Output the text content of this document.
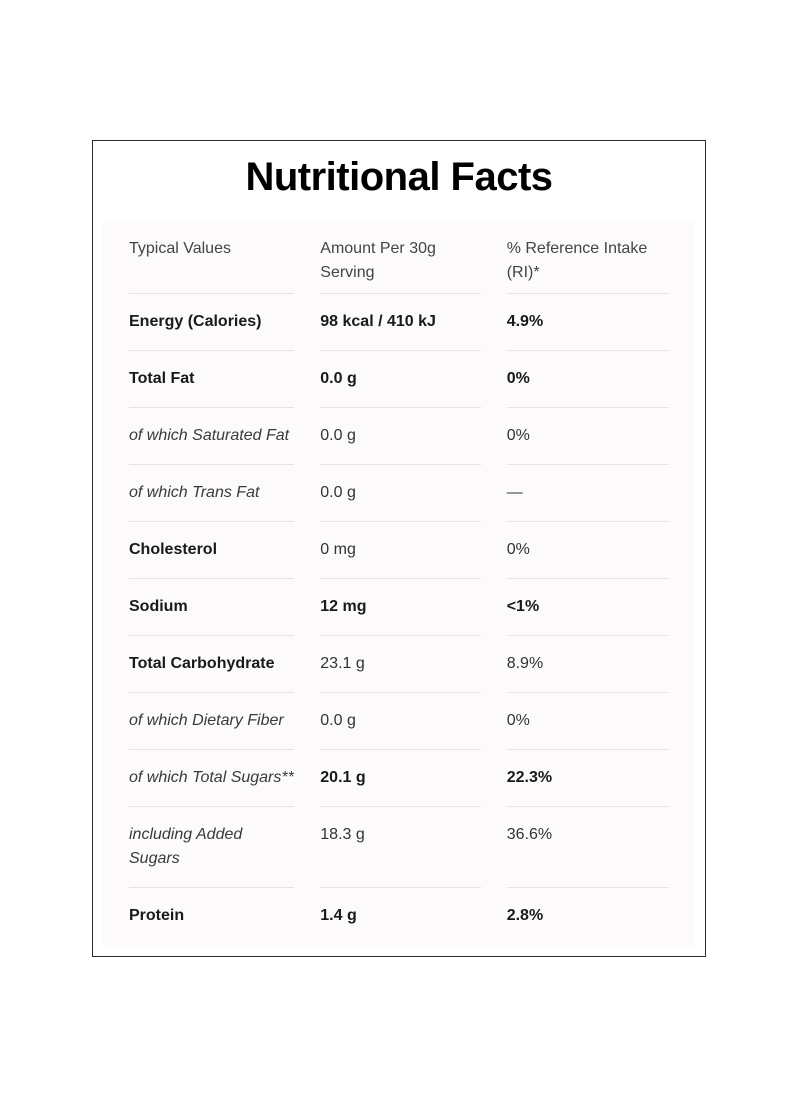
Nutritional Facts
Typical Values	Amount Per 30g Serving	% Reference Intake (RI)*
Energy (Calories)	98 kcal / 410 kJ	4.9%
Total Fat	0.0 g	0%
of which Saturated Fat	0.0 g	0%
of which Trans Fat	0.0 g	—
Cholesterol	0 mg	0%
Sodium	12 mg	<1%
Total Carbohydrate	23.1 g	8.9%
of which Dietary Fiber	0.0 g	0%
of which Total Sugars**	20.1 g	22.3%
including Added Sugars	18.3 g	36.6%
Protein	1.4 g	2.8%
